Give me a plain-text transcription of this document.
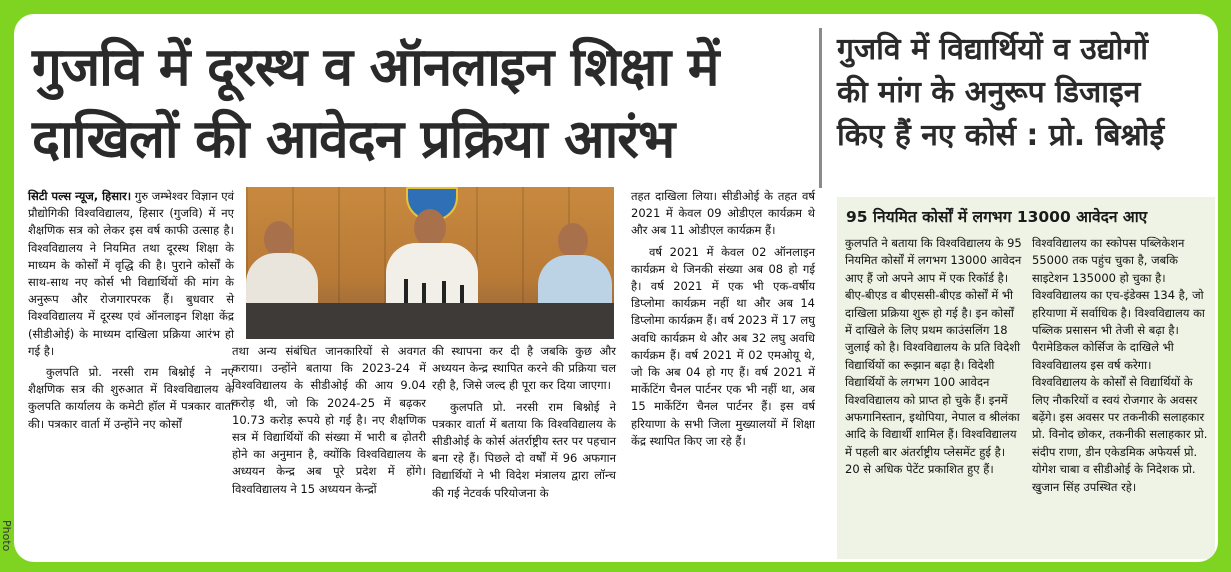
गुजवि में दूरस्थ व ऑनलाइन शिक्षा में
दाखिलों की आवेदन प्रक्रिया आरंभ
गुजवि में विद्यार्थियों व उद्योगों
की मांग के अनुरूप डिजाइन
किए हैं नए कोर्स : प्रो. बिश्नोई

सिटी पल्स न्यूज, हिसार। गुरु जम्भेश्वर विज्ञान एवं प्रौद्योगिकी विश्वविद्यालय, हिसार (गुजवि) में नए शैक्षणिक सत्र को लेकर इस वर्ष काफी उत्साह है। विश्वविद्यालय ने नियमित तथा दूरस्थ शिक्षा के माध्यम के कोर्सों में वृद्धि की है। पुराने कोर्सों के साथ-साथ नए कोर्स भी विद्यार्थियों की मांग के अनुरूप और रोजगारपरक हैं। बुधवार से विश्वविद्यालय में दूरस्थ एवं ऑनलाइन शिक्षा केंद्र (सीडीओई) के माध्यम दाखिला प्रक्रिया आरंभ हो गई है।

कुलपति प्रो. नरसी राम बिश्नोई ने नए शैक्षणिक सत्र की शुरुआत में विश्वविद्यालय के कुलपति कार्यालय के कमेटी हॉल में पत्रकार वार्ता की। पत्रकार वार्ता में उन्होंने नए कोर्सों

तथा अन्य संबंधित जानकारियों से अवगत कराया। उन्होंने बताया कि 2023-24 में विश्वविद्यालय के सीडीओई की आय 9.04 करोड़ थी, जो कि 2024-25 में बढ़कर 10.73 करोड़ रूपये हो गई है। नए शैक्षणिक सत्र में विद्यार्थियों की संख्या में भारी ब ढ़ोतरी होने का अनुमान है, क्योंकि विश्वविद्यालय के अध्ययन केन्द्र अब पूरे प्रदेश में होंगे। विश्वविद्यालय ने 15 अध्ययन केन्द्रों

की स्थापना कर दी है जबकि कुछ और अध्ययन केन्द्र स्थापित करने की प्रक्रिया चल रही है, जिसे जल्द ही पूरा कर दिया जाएगा।

कुलपति प्रो. नरसी राम बिश्नोई ने पत्रकार वार्ता में बताया कि विश्वविद्यालय के सीडीओई के कोर्स अंतर्राष्ट्रीय स्तर पर पहचान बना रहे हैं। पिछले दो वर्षों में 96 अफगान विद्यार्थियों ने भी विदेश मंत्रालय द्वारा लॉन्च की गई नेटवर्क परियोजना के

तहत दाखिला लिया। सीडीओई के तहत वर्ष 2021 में केवल 09 ओडीएल कार्यक्रम थे और अब 11 ओडीएल कार्यक्रम हैं।

वर्ष 2021 में केवल 02 ऑनलाइन कार्यक्रम थे जिनकी संख्या अब 08 हो गई है। वर्ष 2021 में एक भी एक-वर्षीय डिप्लोमा कार्यक्रम नहीं था और अब 14 डिप्लोमा कार्यक्रम हैं। वर्ष 2023 में 17 लघु अवधि कार्यक्रम थे और अब 32 लघु अवधि कार्यक्रम हैं। वर्ष 2021 में 02 एमओयू थे, जो कि अब 04 हो गए हैं। वर्ष 2021 में मार्केटिंग चैनल पार्टनर एक भी नहीं था, अब 15 मार्केटिंग चैनल पार्टनर हैं। इस वर्ष हरियाणा के सभी जिला मुख्यालयों में शिक्षा केंद्र स्थापित किए जा रहे हैं।

95 नियमित कोर्सों में लगभग 13000 आवेदन आए

कुलपति ने बताया कि विश्वविद्यालय के 95 नियमित कोर्सों में लगभग 13000 आवेदन आए हैं जो अपने आप में एक रिकॉर्ड है। बीए-बीएड व बीएससी-बीएड कोर्सों में भी दाखिला प्रक्रिया शुरू हो गई है। इन कोर्सों में दाखिले के लिए प्रथम काउंसलिंग 18 जुलाई को है। विश्वविद्यालय के प्रति विदेशी विद्यार्थियों का रूझान बढ़ा है। विदेशी विद्यार्थियों के लगभग 100 आवेदन विश्वविद्यालय को प्राप्त हो चुके हैं। इनमें अफगानिस्तान, इथोपिया, नेपाल व श्रीलंका आदि के विद्यार्थी शामिल हैं। विश्वविद्यालय में पहली बार अंतर्राष्ट्रीय प्लेसमेंट हुई है। 20 से अधिक पेटेंट प्रकाशित हुए हैं।

विश्वविद्यालय का स्कोपस पब्लिकेशन 55000 तक पहुंच चुका है, जबकि साइटेशन 135000 हो चुका है। विश्वविद्यालय का एच-इंडेक्स 134 है, जो हरियाणा में सर्वाधिक है। विश्वविद्यालय का पब्लिक प्रसासन भी तेजी से बढ़ा है। पैरामेडिकल कोर्सिज के दाखिले भी विश्वविद्यालय इस वर्ष करेगा। विश्वविद्यालय के कोर्सों से विद्यार्थियों के लिए नौकरियों व स्वयं रोजगार के अवसर बढ़ेंगे। इस अवसर पर तकनीकी सलाहकार प्रो. विनोद छोकर, तकनीकी सलाहकार प्रो. संदीप राणा, डीन एकेडमिक अफेयर्स प्रो. योगेश चाबा व सीडीओई के निदेशक प्रो. खुजान सिंह उपस्थित रहे।

Photo
